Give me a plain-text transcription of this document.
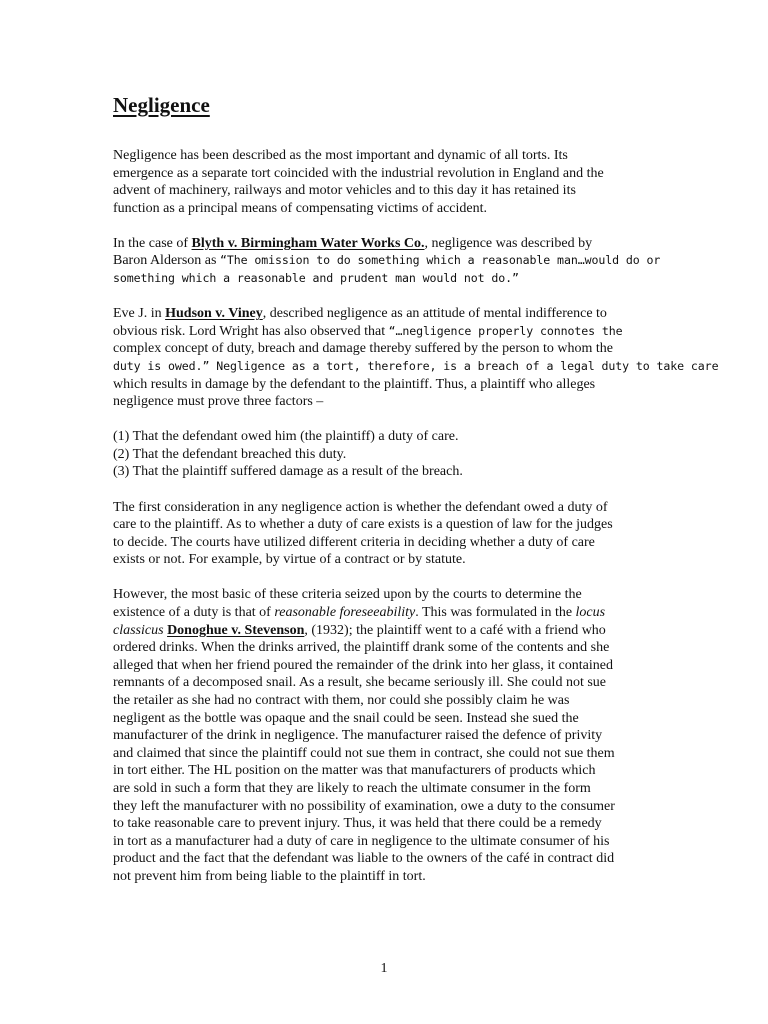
Negligence

Negligence has been described as the most important and dynamic of all torts. Its
emergence as a separate tort coincided with the industrial revolution in England and the
advent of machinery, railways and motor vehicles and to this day it has retained its
function as a principal means of compensating victims of accident.

In the case of Blyth v. Birmingham Water Works Co., negligence was described by
Baron Alderson as “The omission to do something which a reasonable man…would do or
something which a reasonable and prudent man would not do.”

Eve J. in Hudson v. Viney, described negligence as an attitude of mental indifference to
obvious risk. Lord Wright has also observed that “…negligence properly connotes the
complex concept of duty, breach and damage thereby suffered by the person to whom the
duty is owed.” Negligence as a tort, therefore, is a breach of a legal duty to take care
which results in damage by the defendant to the plaintiff. Thus, a plaintiff who alleges
negligence must prove three factors –

(1) That the defendant owed him (the plaintiff) a duty of care.
(2) That the defendant breached this duty.
(3) That the plaintiff suffered damage as a result of the breach.

The first consideration in any negligence action is whether the defendant owed a duty of
care to the plaintiff. As to whether a duty of care exists is a question of law for the judges
to decide. The courts have utilized different criteria in deciding whether a duty of care
exists or not. For example, by virtue of a contract or by statute.

However, the most basic of these criteria seized upon by the courts to determine the
existence of a duty is that of reasonable foreseeability. This was formulated in the locus
classicus Donoghue v. Stevenson, (1932); the plaintiff went to a café with a friend who
ordered drinks. When the drinks arrived, the plaintiff drank some of the contents and she
alleged that when her friend poured the remainder of the drink into her glass, it contained
remnants of a decomposed snail. As a result, she became seriously ill. She could not sue
the retailer as she had no contract with them, nor could she possibly claim he was
negligent as the bottle was opaque and the snail could be seen. Instead she sued the
manufacturer of the drink in negligence. The manufacturer raised the defence of privity
and claimed that since the plaintiff could not sue them in contract, she could not sue them
in tort either. The HL position on the matter was that manufacturers of products which
are sold in such a form that they are likely to reach the ultimate consumer in the form
they left the manufacturer with no possibility of examination, owe a duty to the consumer
to take reasonable care to prevent injury. Thus, it was held that there could be a remedy
in tort as a manufacturer had a duty of care in negligence to the ultimate consumer of his
product and the fact that the defendant was liable to the owners of the café in contract did
not prevent him from being liable to the plaintiff in tort.

1
